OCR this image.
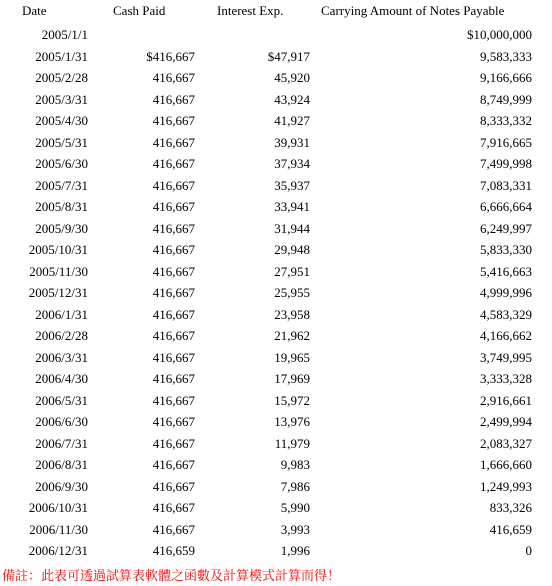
Date	Cash Paid	Interest Exp.	Carrying Amount of Notes Payable
2005/1/1			$10,000,000
2005/1/31	$416,667	$47,917	9,583,333
2005/2/28	416,667	45,920	9,166,666
2005/3/31	416,667	43,924	8,749,999
2005/4/30	416,667	41,927	8,333,332
2005/5/31	416,667	39,931	7,916,665
2005/6/30	416,667	37,934	7,499,998
2005/7/31	416,667	35,937	7,083,331
2005/8/31	416,667	33,941	6,666,664
2005/9/30	416,667	31,944	6,249,997
2005/10/31	416,667	29,948	5,833,330
2005/11/30	416,667	27,951	5,416,663
2005/12/31	416,667	25,955	4,999,996
2006/1/31	416,667	23,958	4,583,329
2006/2/28	416,667	21,962	4,166,662
2006/3/31	416,667	19,965	3,749,995
2006/4/30	416,667	17,969	3,333,328
2006/5/31	416,667	15,972	2,916,661
2006/6/30	416,667	13,976	2,499,994
2006/7/31	416,667	11,979	2,083,327
2006/8/31	416,667	9,983	1,666,660
2006/9/30	416,667	7,986	1,249,993
2006/10/31	416,667	5,990	833,326
2006/11/30	416,667	3,993	416,659
2006/12/31	416,659	1,996	0
備註：此表可透過試算表軟體之函數及計算模式計算而得！
